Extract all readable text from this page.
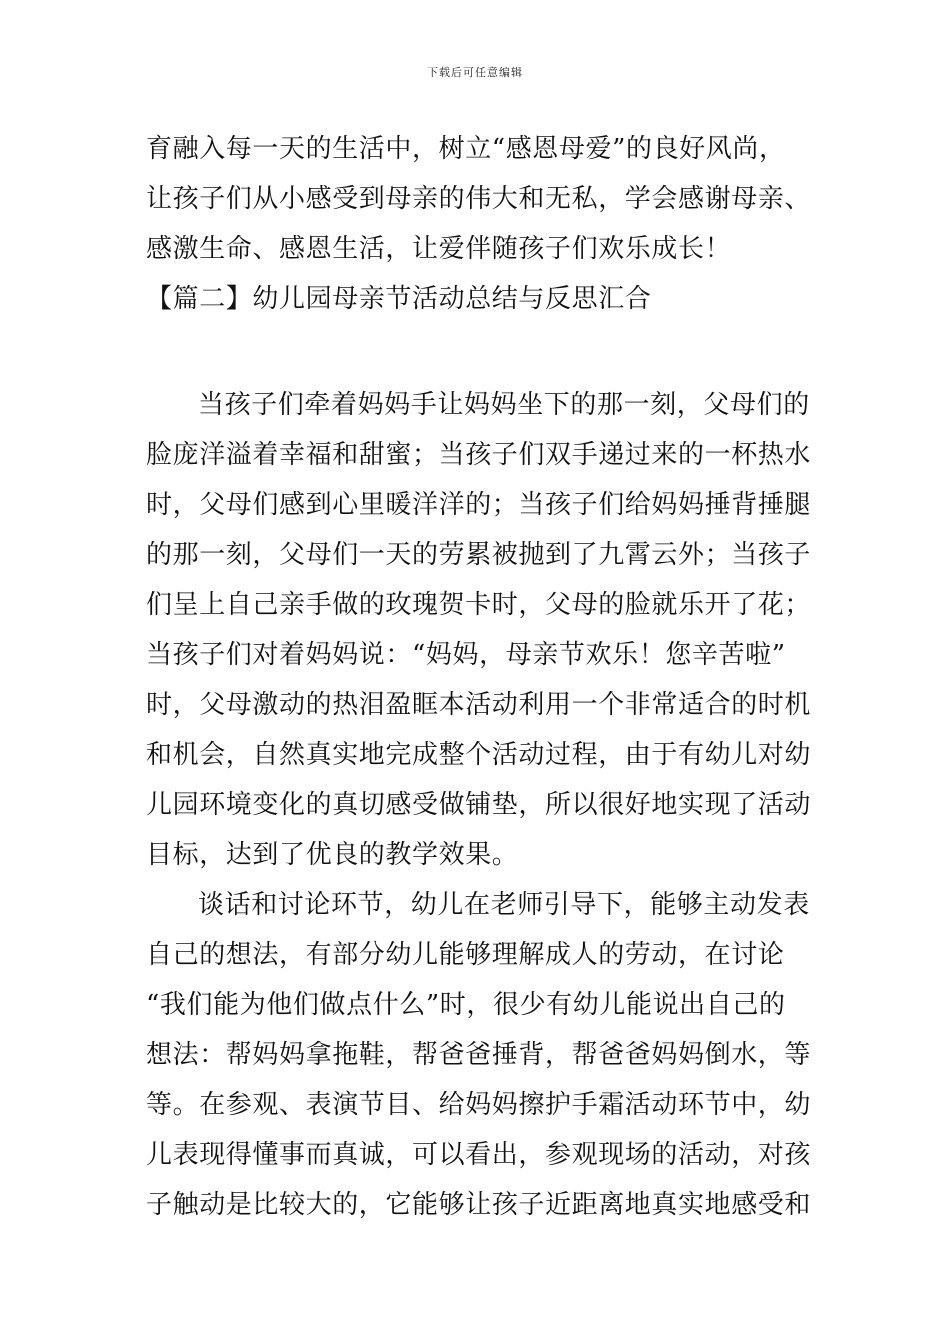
下载后可任意编辑
育融入每一天的生活中，树立“感恩母爱”的良好风尚，
让孩子们从小感受到母亲的伟大和无私，学会感谢母亲、
感激生命、感恩生活，让爱伴随孩子们欢乐成长！
【篇二】幼儿园母亲节活动总结与反思汇合
当孩子们牵着妈妈手让妈妈坐下的那一刻，父母们的
脸庞洋溢着幸福和甜蜜；当孩子们双手递过来的一杯热水
时，父母们感到心里暖洋洋的；当孩子们给妈妈捶背捶腿
的那一刻，父母们一天的劳累被抛到了九霄云外；当孩子
们呈上自己亲手做的玫瑰贺卡时，父母的脸就乐开了花；
当孩子们对着妈妈说：“妈妈，母亲节欢乐！您辛苦啦”
时，父母激动的热泪盈眶本活动利用一个非常适合的时机
和机会，自然真实地完成整个活动过程，由于有幼儿对幼
儿园环境变化的真切感受做铺垫，所以很好地实现了活动
目标，达到了优良的教学效果。
谈话和讨论环节，幼儿在老师引导下，能够主动发表
自己的想法，有部分幼儿能够理解成人的劳动，在讨论
“我们能为他们做点什么”时，很少有幼儿能说出自己的
想法：帮妈妈拿拖鞋，帮爸爸捶背，帮爸爸妈妈倒水，等
等。在参观、表演节目、给妈妈擦护手霜活动环节中，幼
儿表现得懂事而真诚，可以看出，参观现场的活动，对孩
子触动是比较大的，它能够让孩子近距离地真实地感受和
